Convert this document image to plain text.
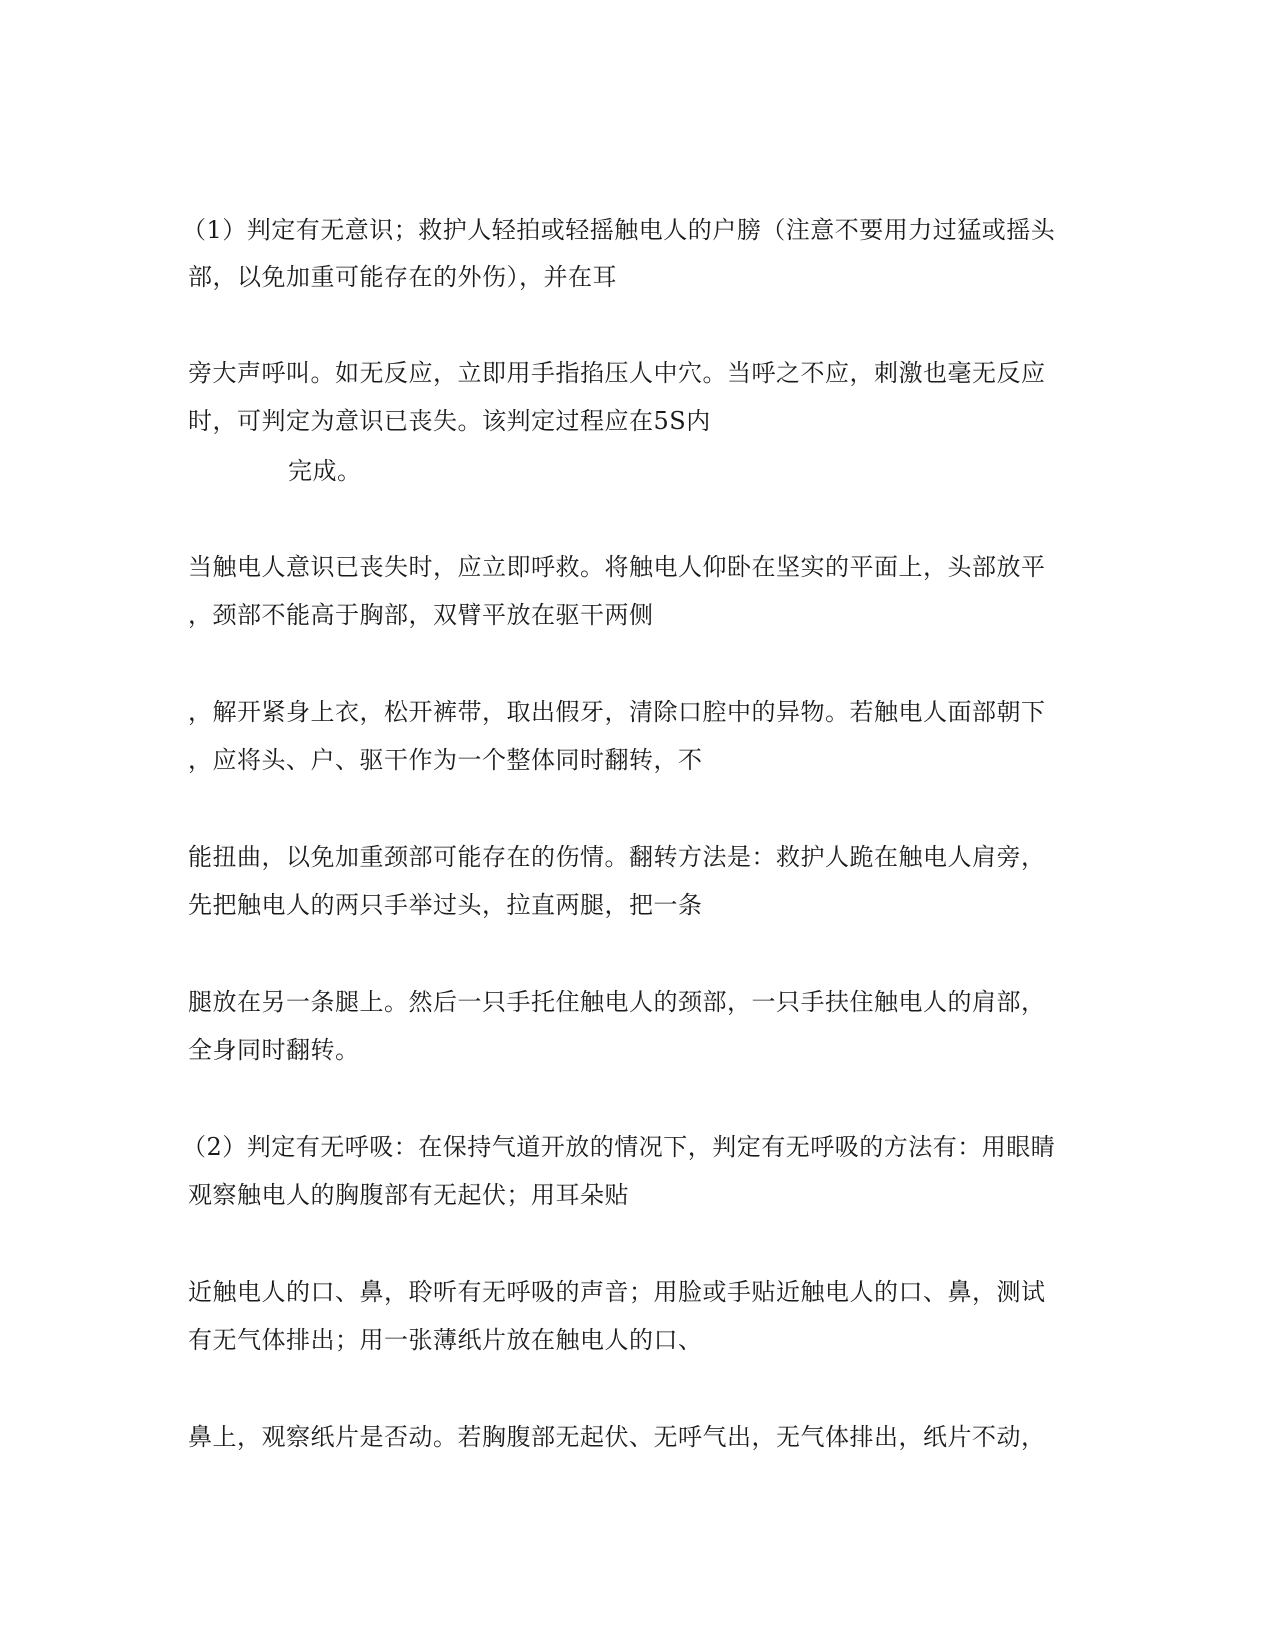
（1）判定有无意识；救护人轻拍或轻摇触电人的户膀（注意不要用力过猛或摇头
部，以免加重可能存在的外伤），并在耳
旁大声呼叫。如无反应，立即用手指掐压人中穴。当呼之不应，刺激也毫无反应
时，可判定为意识已丧失。该判定过程应在5S内
完成。
当触电人意识已丧失时，应立即呼救。将触电人仰卧在坚实的平面上，头部放平
，颈部不能高于胸部，双臂平放在驱干两侧
，解开紧身上衣，松开裤带，取出假牙，清除口腔中的异物。若触电人面部朝下
，应将头、户、驱干作为一个整体同时翻转，不
能扭曲，以免加重颈部可能存在的伤情。翻转方法是：救护人跪在触电人肩旁，
先把触电人的两只手举过头，拉直两腿，把一条
腿放在另一条腿上。然后一只手托住触电人的颈部，一只手扶住触电人的肩部，
全身同时翻转。
（2）判定有无呼吸：在保持气道开放的情况下，判定有无呼吸的方法有：用眼睛
观察触电人的胸腹部有无起伏；用耳朵贴
近触电人的口、鼻，聆听有无呼吸的声音；用脸或手贴近触电人的口、鼻，测试
有无气体排出；用一张薄纸片放在触电人的口、
鼻上，观察纸片是否动。若胸腹部无起伏、无呼气出，无气体排出，纸片不动，
